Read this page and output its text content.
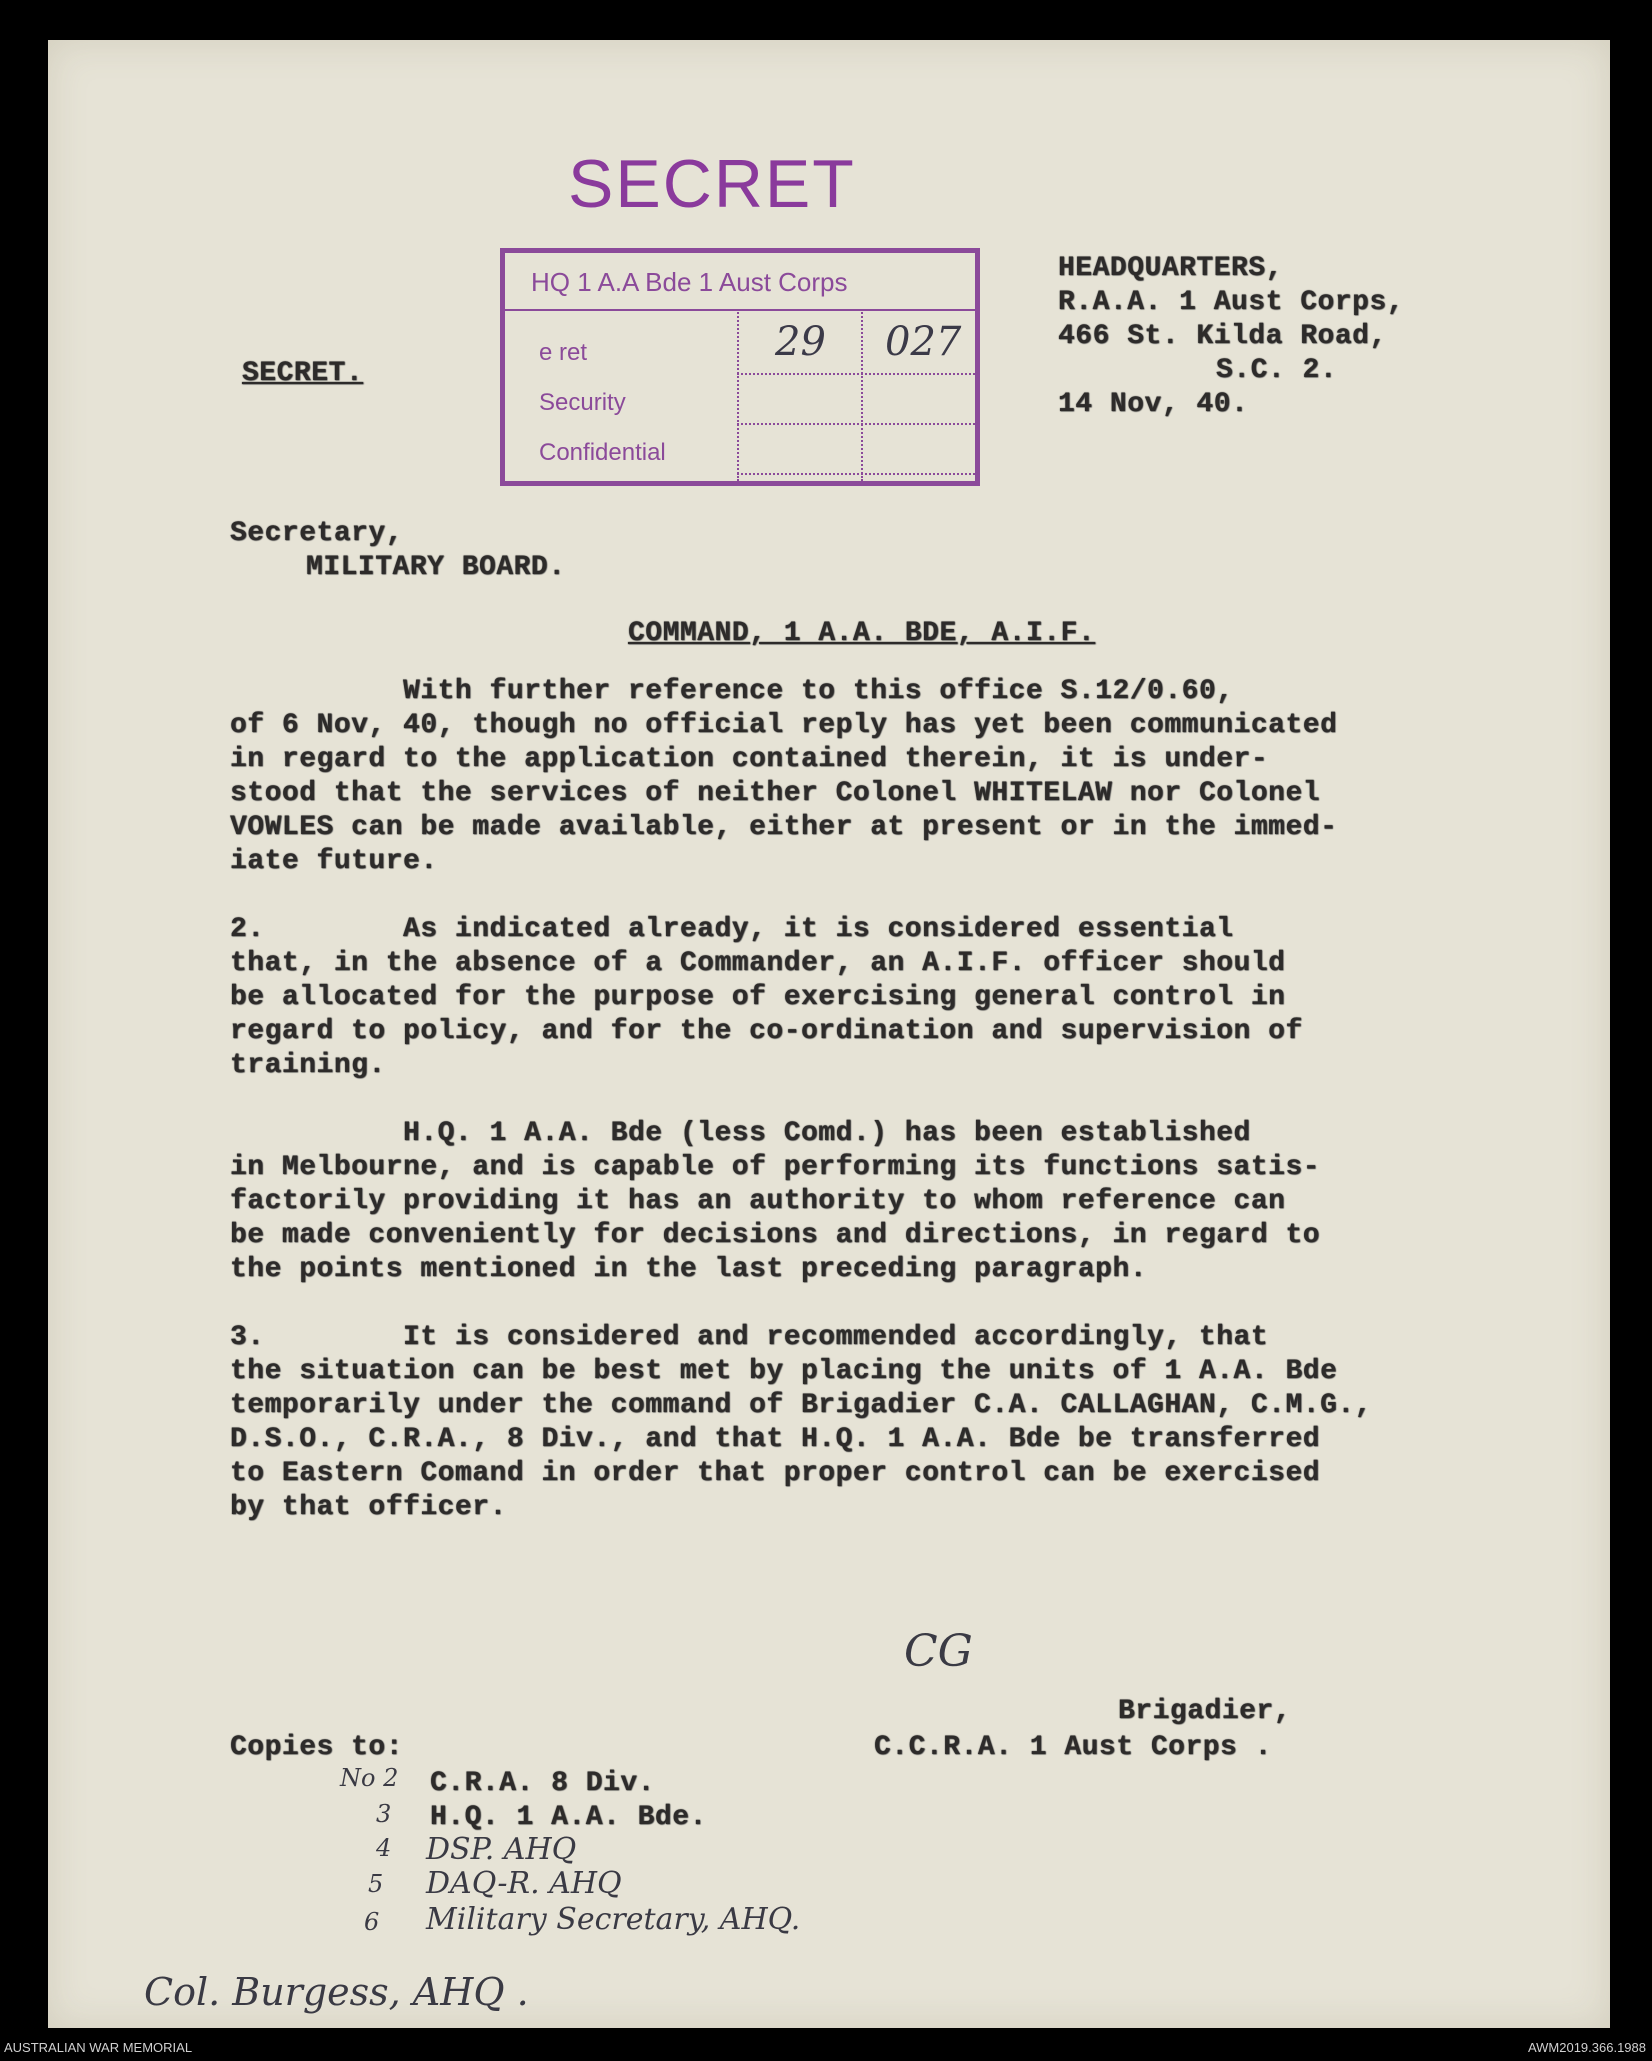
SECRET
HQ 1 A.A Bde 1 Aust Corps
e ret
Security
Confidential
29 027
SECRET.
HEADQUARTERS,
R.A.A. 1 Aust Corps,
466 St. Kilda Road,
S.C. 2.
14 Nov, 40.
Secretary,
MILITARY BOARD.
COMMAND, 1 A.A. BDE, A.I.F.
With further reference to this office S.12/0.60,
of 6 Nov, 40, though no official reply has yet been communicated
in regard to the application contained therein, it is under-
stood that the services of neither Colonel WHITELAW nor Colonel
VOWLES can be made available, either at present or in the immed-
iate future.
2.        As indicated already, it is considered essential
that, in the absence of a Commander, an A.I.F. officer should
be allocated for the purpose of exercising general control in
regard to policy, and for the co-ordination and supervision of
training.
H.Q. 1 A.A. Bde (less Comd.) has been established
in Melbourne, and is capable of performing its functions satis-
factorily providing it has an authority to whom reference can
be made conveniently for decisions and directions, in regard to
the points mentioned in the last preceding paragraph.
3.        It is considered and recommended accordingly, that
the situation can be best met by placing the units of 1 A.A. Bde
temporarily under the command of Brigadier C.A. CALLAGHAN, C.M.G.,
D.S.O., C.R.A., 8 Div., and that H.Q. 1 A.A. Bde be transferred
to Eastern Comand in order that proper control can be exercised
by that officer.
CG
Brigadier,
C.C.R.A. 1 Aust Corps .
Copies to:
No 2 C.R.A. 8 Div.
3 H.Q. 1 A.A. Bde.
4 DSP. AHQ
5 DAQ-R. AHQ
6 Military Secretary, AHQ.
Col. Burgess, AHQ .
AUSTRALIAN WAR MEMORIAL	AWM2019.366.1988
